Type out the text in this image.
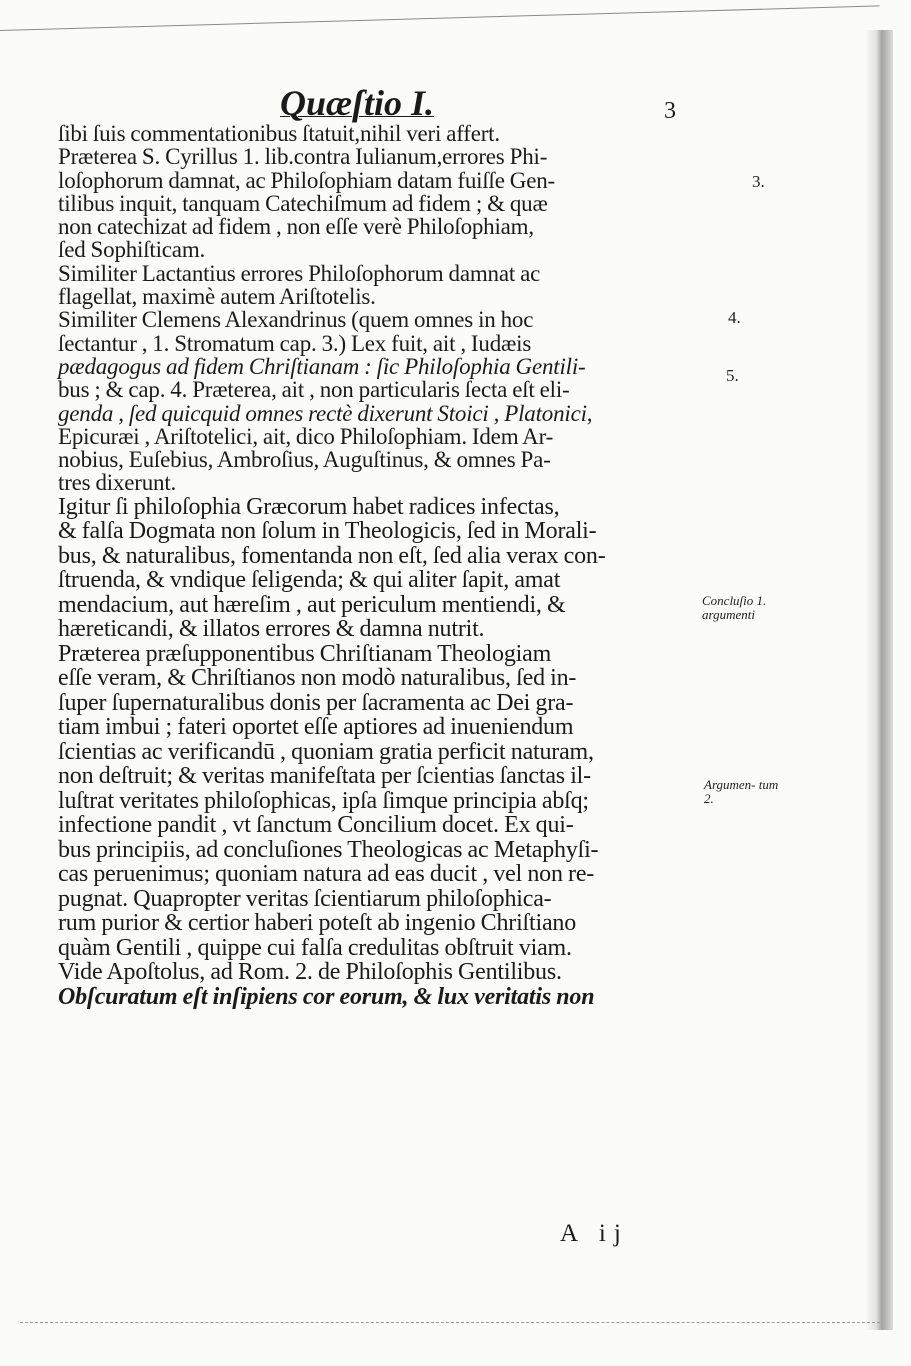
Quæſtio I.	3
ſibi ſuis commentationibus ſtatuit,nihil veri affert.
Præterea S. Cyrillus 1. lib.contra Iulianum,errores Phi-
loſophorum damnat, ac Philoſophiam datam fuiſſe Gen-
tilibus inquit, tanquam Catechiſmum ad fidem ; & quæ
non catechizat ad fidem , non eſſe verè Philoſophiam,
ſed Sophiſticam.
Similiter Lactantius errores Philoſophorum damnat ac
flagellat, maximè autem Ariſtotelis.
Similiter Clemens Alexandrinus (quem omnes in hoc
ſectantur , 1. Stromatum cap. 3.) Lex fuit, ait , Iudæis
pædagogus ad fidem Chriſtianam : ſic Philoſophia Gentili-
bus ; & cap. 4. Præterea, ait , non particularis ſecta eſt eli-
genda , ſed quicquid omnes rectè dixerunt Stoici , Platonici,
Epicuræi , Ariſtotelici, ait, dico Philoſophiam. Idem Ar-
nobius, Euſebius, Ambroſius, Auguſtinus, & omnes Pa-
tres dixerunt.
Igitur ſi philoſophia Græcorum habet radices infectas,
& falſa Dogmata non ſolum in Theologicis, ſed in Morali-
bus, & naturalibus, fomentanda non eſt, ſed alia verax con-
ſtruenda, & vndique ſeligenda; & qui aliter ſapit, amat
mendacium, aut hæreſim , aut periculum mentiendi, &
hæreticandi, & illatos errores & damna nutrit.
Præterea præſupponentibus Chriſtianam Theologiam
eſſe veram, & Chriſtianos non modò naturalibus, ſed in-
ſuper ſupernaturalibus donis per ſacramenta ac Dei gra-
tiam imbui ; fateri oportet eſſe aptiores ad inueniendum
ſcientias ac verificandū , quoniam gratia perficit naturam,
non deſtruit; & veritas manifeſtata per ſcientias ſanctas il-
luſtrat veritates philoſophicas, ipſa ſimque principia abſq;
infectione pandit , vt ſanctum Concilium docet. Ex qui-
bus principiis, ad concluſiones Theologicas ac Metaphyſi-
cas peruenimus; quoniam natura ad eas ducit , vel non re-
pugnat. Quapropter veritas ſcientiarum philoſophica-
rum purior & certior haberi poteſt ab ingenio Chriſtiano
quàm Gentili , quippe cui falſa credulitas obſtruit viam.
Vide Apoſtolus, ad Rom. 2. de Philoſophis Gentilibus.
Obſcuratum eſt inſipiens cor eorum, & lux veritatis non
3.
4.
5.
Concluſio 1. argumenti
Argumen- tum 2.
A ij
